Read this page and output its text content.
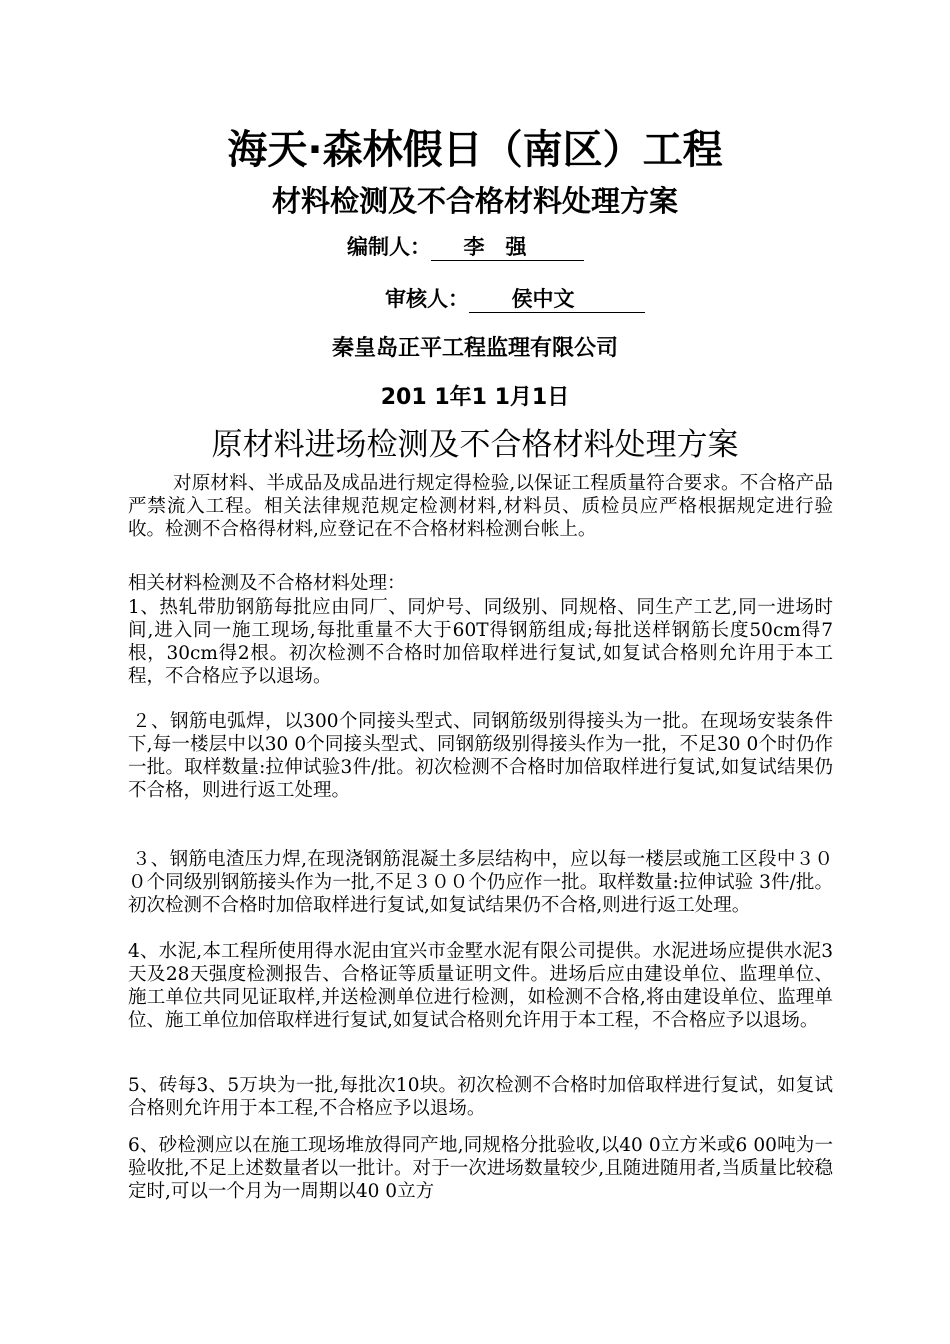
海天·森林假日（南区）工程
材料检测及不合格材料处理方案
编制人： 李　强
审核人： 侯中文
秦皇岛正平工程监理有限公司
201 1年1 1月1日
原材料进场检测及不合格材料处理方案

对原材料、半成品及成品进行规定得检验,以保证工程质量符合要求。不合格产品严禁流入工程。相关法律规范规定检测材料,材料员、质检员应严格根据规定进行验收。检测不合格得材料,应登记在不合格材料检测台帐上。

相关材料检测及不合格材料处理：

1、热轧带肋钢筋每批应由同厂、同炉号、同级别、同规格、同生产工艺,同一进场时间,进入同一施工现场,每批重量不大于60T得钢筋组成;每批送样钢筋长度50cm得7根，30cm得2根。初次检测不合格时加倍取样进行复试,如复试合格则允许用于本工程，不合格应予以退场。

２、钢筋电弧焊，以300个同接头型式、同钢筋级别得接头为一批。在现场安装条件下,每一楼层中以30 0个同接头型式、同钢筋级别得接头作为一批，不足30 0个时仍作一批。取样数量:拉伸试验3件/批。初次检测不合格时加倍取样进行复试,如复试结果仍不合格，则进行返工处理。

３、钢筋电渣压力焊,在现浇钢筋混凝土多层结构中，应以每一楼层或施工区段中３００个同级别钢筋接头作为一批,不足３００个仍应作一批。取样数量:拉伸试验 3件/批。初次检测不合格时加倍取样进行复试,如复试结果仍不合格,则进行返工处理。

4、水泥,本工程所使用得水泥由宜兴市金墅水泥有限公司提供。水泥进场应提供水泥3天及28天强度检测报告、合格证等质量证明文件。进场后应由建设单位、监理单位、施工单位共同见证取样,并送检测单位进行检测，如检测不合格,将由建设单位、监理单位、施工单位加倍取样进行复试,如复试合格则允许用于本工程，不合格应予以退场。

5、砖每3、5万块为一批,每批次10块。初次检测不合格时加倍取样进行复试，如复试合格则允许用于本工程,不合格应予以退场。

6、砂检测应以在施工现场堆放得同产地,同规格分批验收,以40 0立方米或6 00吨为一验收批,不足上述数量者以一批计。对于一次进场数量较少,且随进随用者,当质量比较稳定时,可以一个月为一周期以40 0立方
